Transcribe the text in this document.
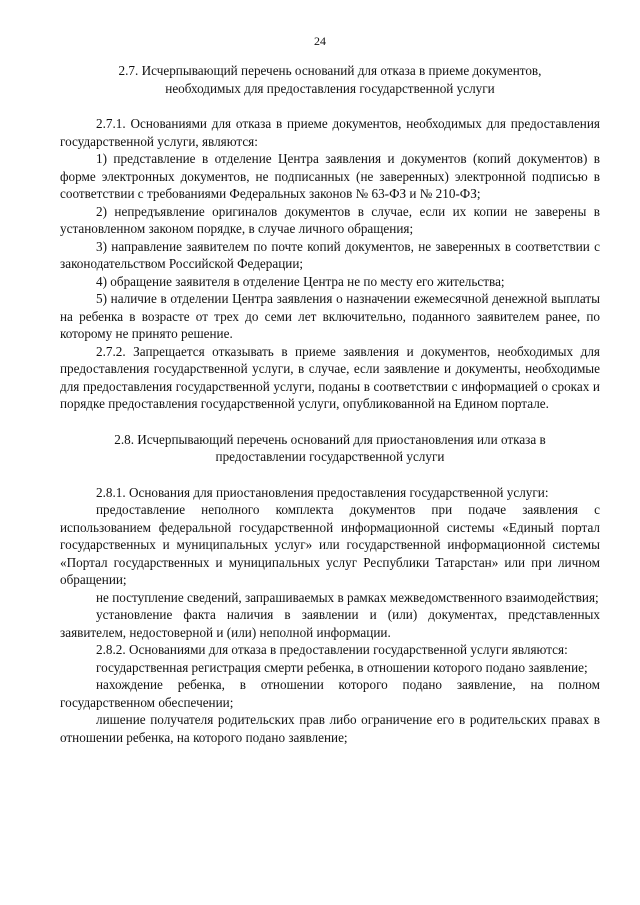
24

2.7. Исчерпывающий перечень оснований для отказа в приеме документов,
необходимых для предоставления государственной услуги

2.7.1. Основаниями для отказа в приеме документов, необходимых для предоставления государственной услуги, являются:

1) представление в отделение Центра заявления и документов (копий документов) в форме электронных документов, не подписанных (не заверенных) электронной подписью в соответствии с требованиями Федеральных законов № 63-ФЗ и № 210-ФЗ;

2) непредъявление оригиналов документов в случае, если их копии не заверены в установленном законом порядке, в случае личного обращения;

3) направление заявителем по почте копий документов, не заверенных в соответствии с законодательством Российской Федерации;

4) обращение заявителя в отделение Центра не по месту его жительства;

5) наличие в отделении Центра заявления о назначении ежемесячной денежной выплаты на ребенка в возрасте от трех до семи лет включительно, поданного заявителем ранее, по которому не принято решение.

2.7.2. Запрещается отказывать в приеме заявления и документов, необходимых для предоставления государственной услуги, в случае, если заявление и документы, необходимые для предоставления государственной услуги, поданы в соответствии с информацией о сроках и порядке предоставления государственной услуги, опубликованной на Едином портале.

2.8. Исчерпывающий перечень оснований для приостановления или отказа в
предоставлении государственной услуги

2.8.1. Основания для приостановления предоставления государственной услуги:

предоставление неполного комплекта документов при подаче заявления с использованием федеральной государственной информационной системы «Единый портал государственных и муниципальных услуг» или государственной информационной системы «Портал государственных и муниципальных услуг Республики Татарстан» или при личном обращении;

не поступление сведений, запрашиваемых в рамках межведомственного взаимодействия;

установление факта наличия в заявлении и (или) документах, представленных заявителем, недостоверной и (или) неполной информации.

2.8.2. Основаниями для отказа в предоставлении государственной услуги являются:

государственная регистрация смерти ребенка, в отношении которого подано заявление;

нахождение ребенка, в отношении которого подано заявление, на полном государственном обеспечении;

лишение получателя родительских прав либо ограничение его в родительских правах в отношении ребенка, на которого подано заявление;
